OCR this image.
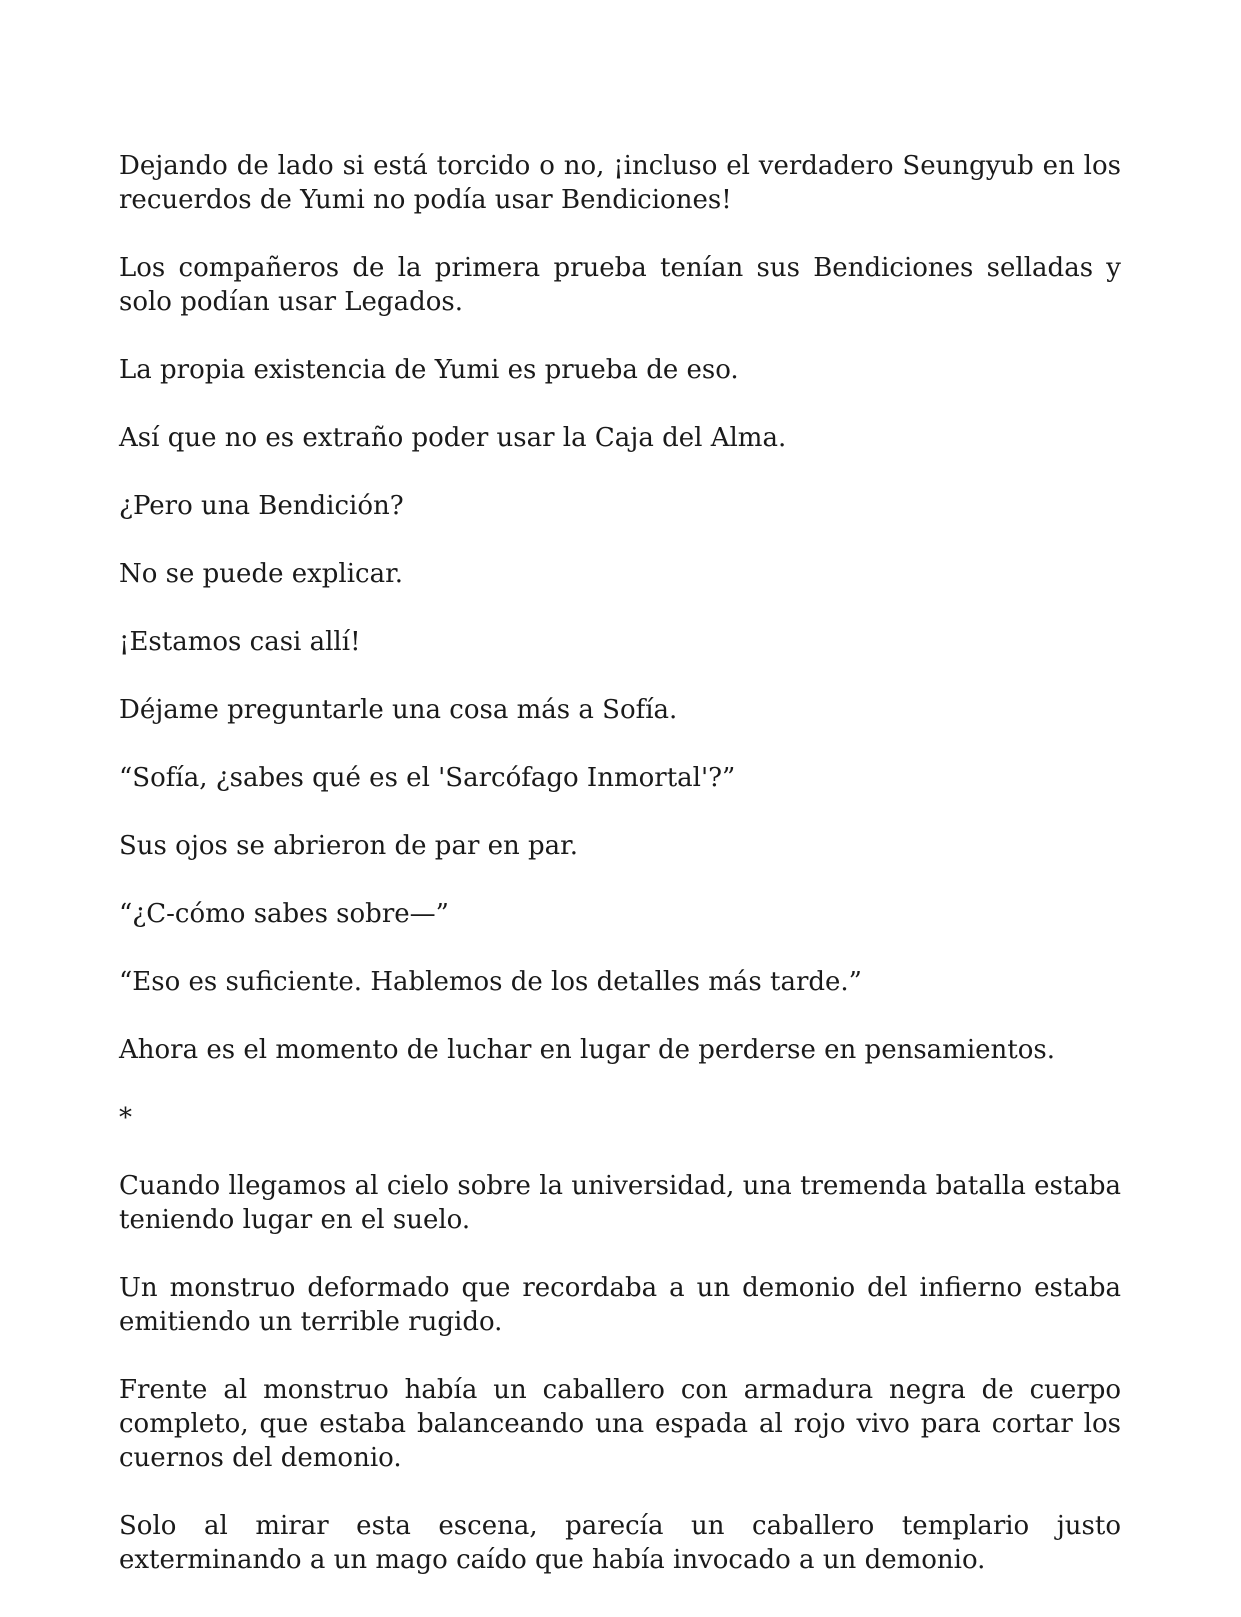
Dejando de lado si está torcido o no, ¡incluso el verdadero Seungyub en los recuerdos de Yumi no podía usar Bendiciones!

Los compañeros de la primera prueba tenían sus Bendiciones selladas y solo podían usar Legados.

La propia existencia de Yumi es prueba de eso.

Así que no es extraño poder usar la Caja del Alma.

¿Pero una Bendición?

No se puede explicar.

¡Estamos casi allí!

Déjame preguntarle una cosa más a Sofía.

“Sofía, ¿sabes qué es el 'Sarcófago Inmortal'?”

Sus ojos se abrieron de par en par.

“¿C-cómo sabes sobre—”

“Eso es suficiente. Hablemos de los detalles más tarde.”

Ahora es el momento de luchar en lugar de perderse en pensamientos.

*

Cuando llegamos al cielo sobre la universidad, una tremenda batalla estaba teniendo lugar en el suelo.

Un monstruo deformado que recordaba a un demonio del infierno estaba emitiendo un terrible rugido.

Frente al monstruo había un caballero con armadura negra de cuerpo completo, que estaba balanceando una espada al rojo vivo para cortar los cuernos del demonio.

Solo al mirar esta escena, parecía un caballero templario justo exterminando a un mago caído que había invocado a un demonio.
